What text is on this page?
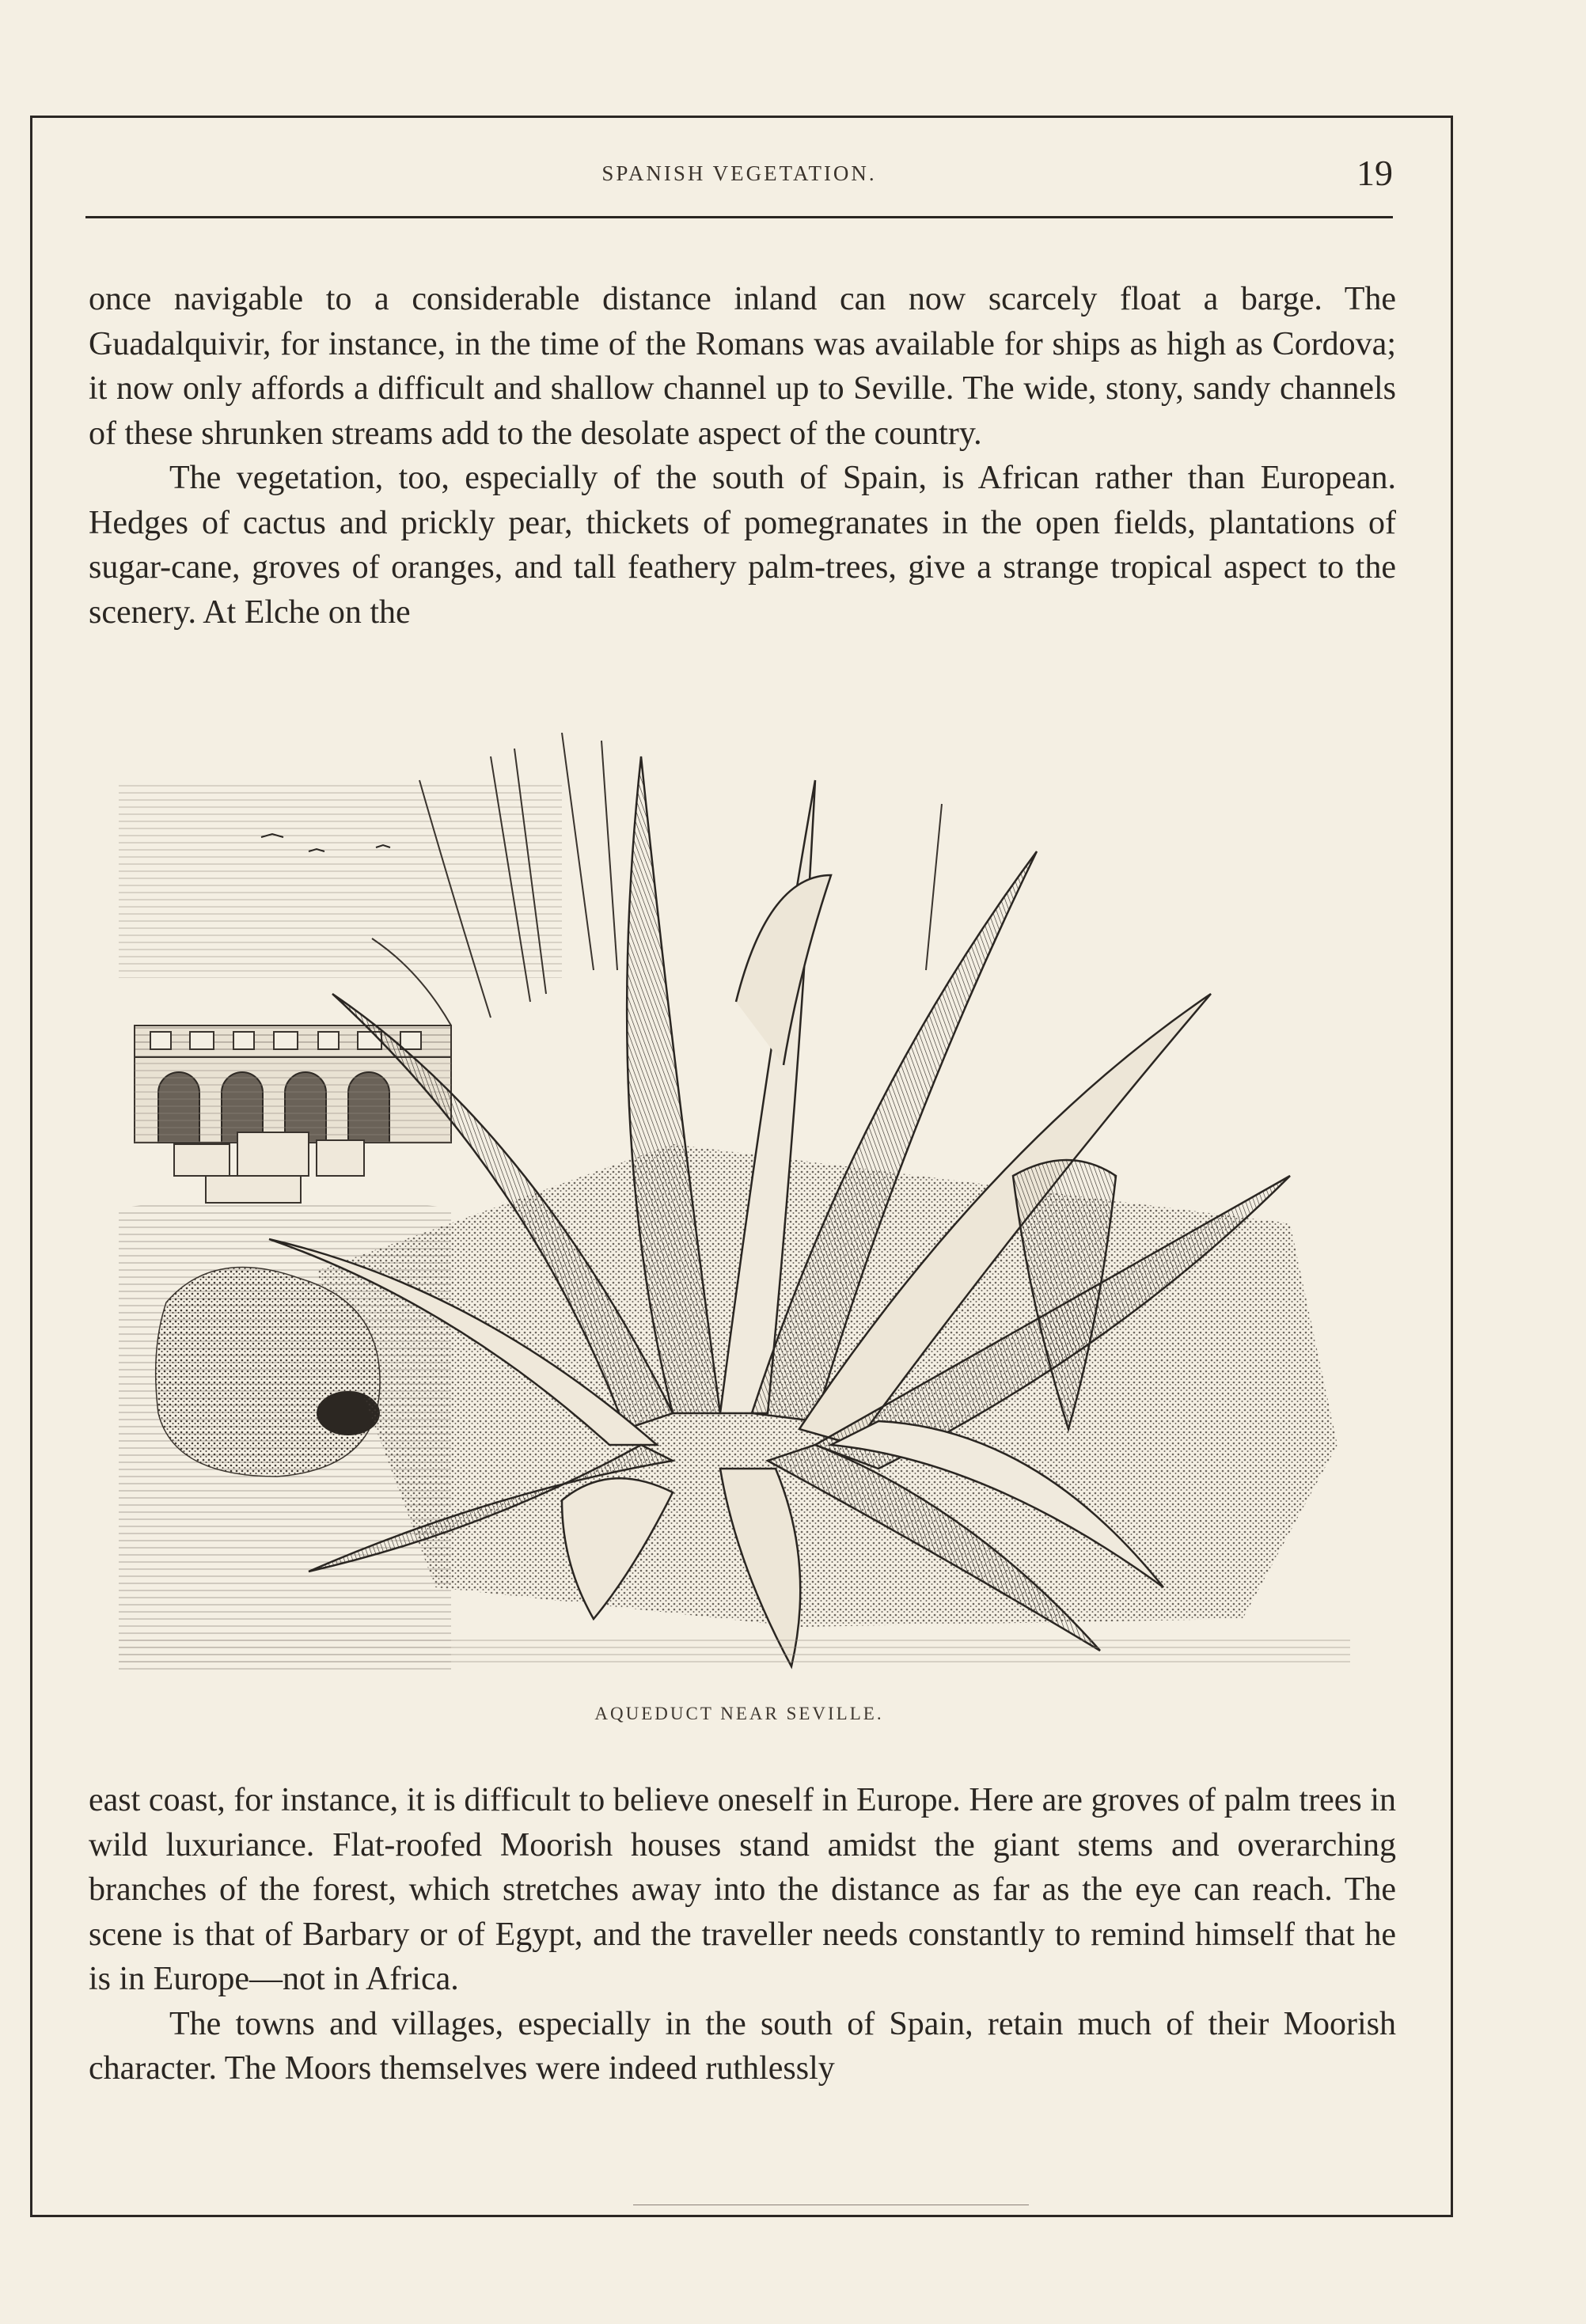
SPANISH VEGETATION.	19

once navigable to a considerable distance inland can now scarcely float a barge. The Guadalquivir, for instance, in the time of the Romans was available for ships as high as Cordova; it now only affords a difficult and shallow channel up to Seville. The wide, stony, sandy channels of these shrunken streams add to the desolate aspect of the country.

The vegetation, too, especially of the south of Spain, is African rather than European. Hedges of cactus and prickly pear, thickets of pomegranates in the open fields, plantations of sugar-cane, groves of oranges, and tall feathery palm-trees, give a strange tropical aspect to the scenery. At Elche on the

AQUEDUCT NEAR SEVILLE.

east coast, for instance, it is difficult to believe oneself in Europe. Here are groves of palm trees in wild luxuriance. Flat-roofed Moorish houses stand amidst the giant stems and overarching branches of the forest, which stretches away into the distance as far as the eye can reach. The scene is that of Barbary or of Egypt, and the traveller needs constantly to remind himself that he is in Europe—not in Africa.

The towns and villages, especially in the south of Spain, retain much of their Moorish character. The Moors themselves were indeed ruthlessly
